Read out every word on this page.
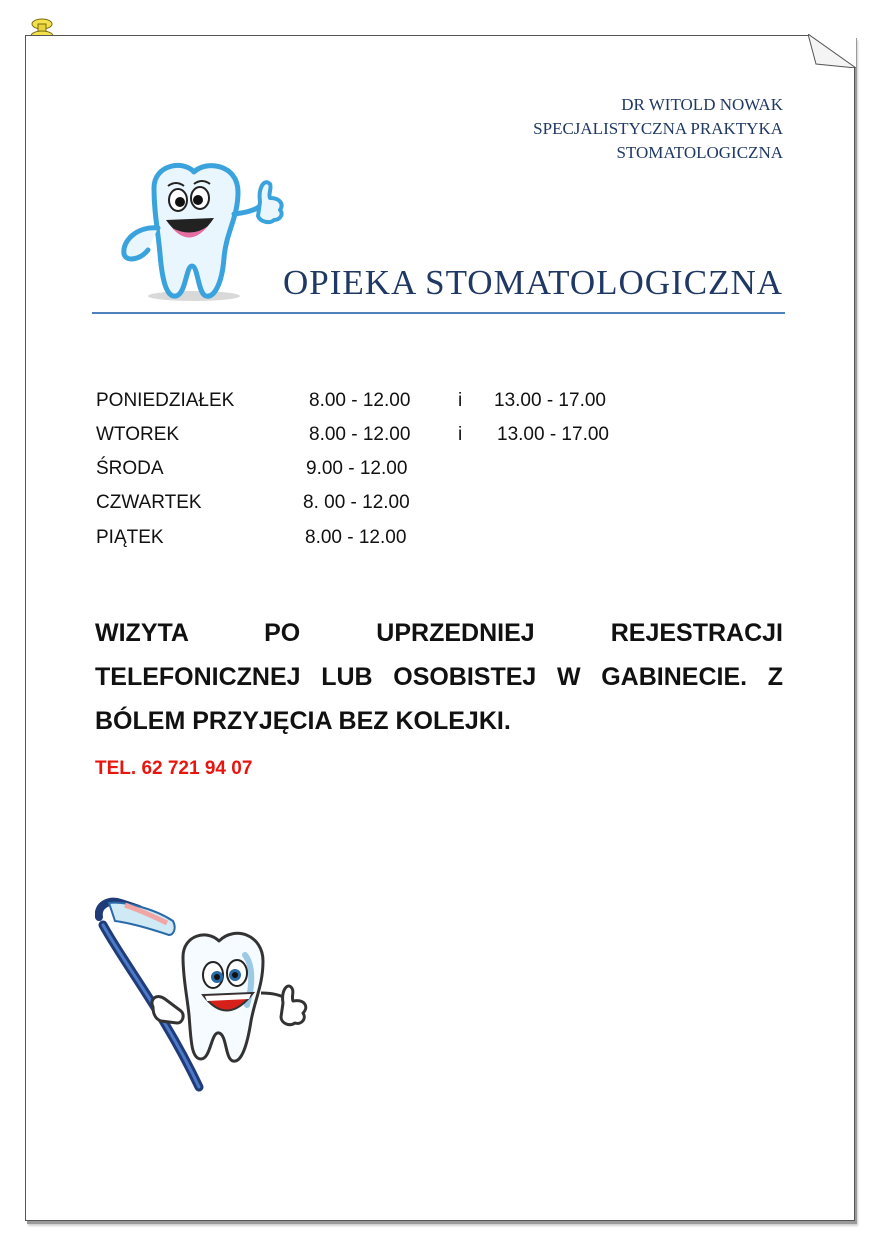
DR WITOLD NOWAK
SPECJALISTYCZNA PRAKTYKA
STOMATOLOGICZNA
OPIEKA STOMATOLOGICZNA
PONIEDZIAŁEK	8.00 - 12.00	i 13.00 - 17.00
WTOREK	8.00 - 12.00	i 13.00 - 17.00
ŚRODA	9.00 - 12.00
CZWARTEK	8. 00 - 12.00
PIĄTEK	8.00 - 12.00
WIZYTA PO UPRZEDNIEJ REJESTRACJI TELEFONICZNEJ LUB OSOBISTEJ W GABINECIE. Z BÓLEM PRZYJĘCIA BEZ KOLEJKI.
TEL. 62 721 94 07
